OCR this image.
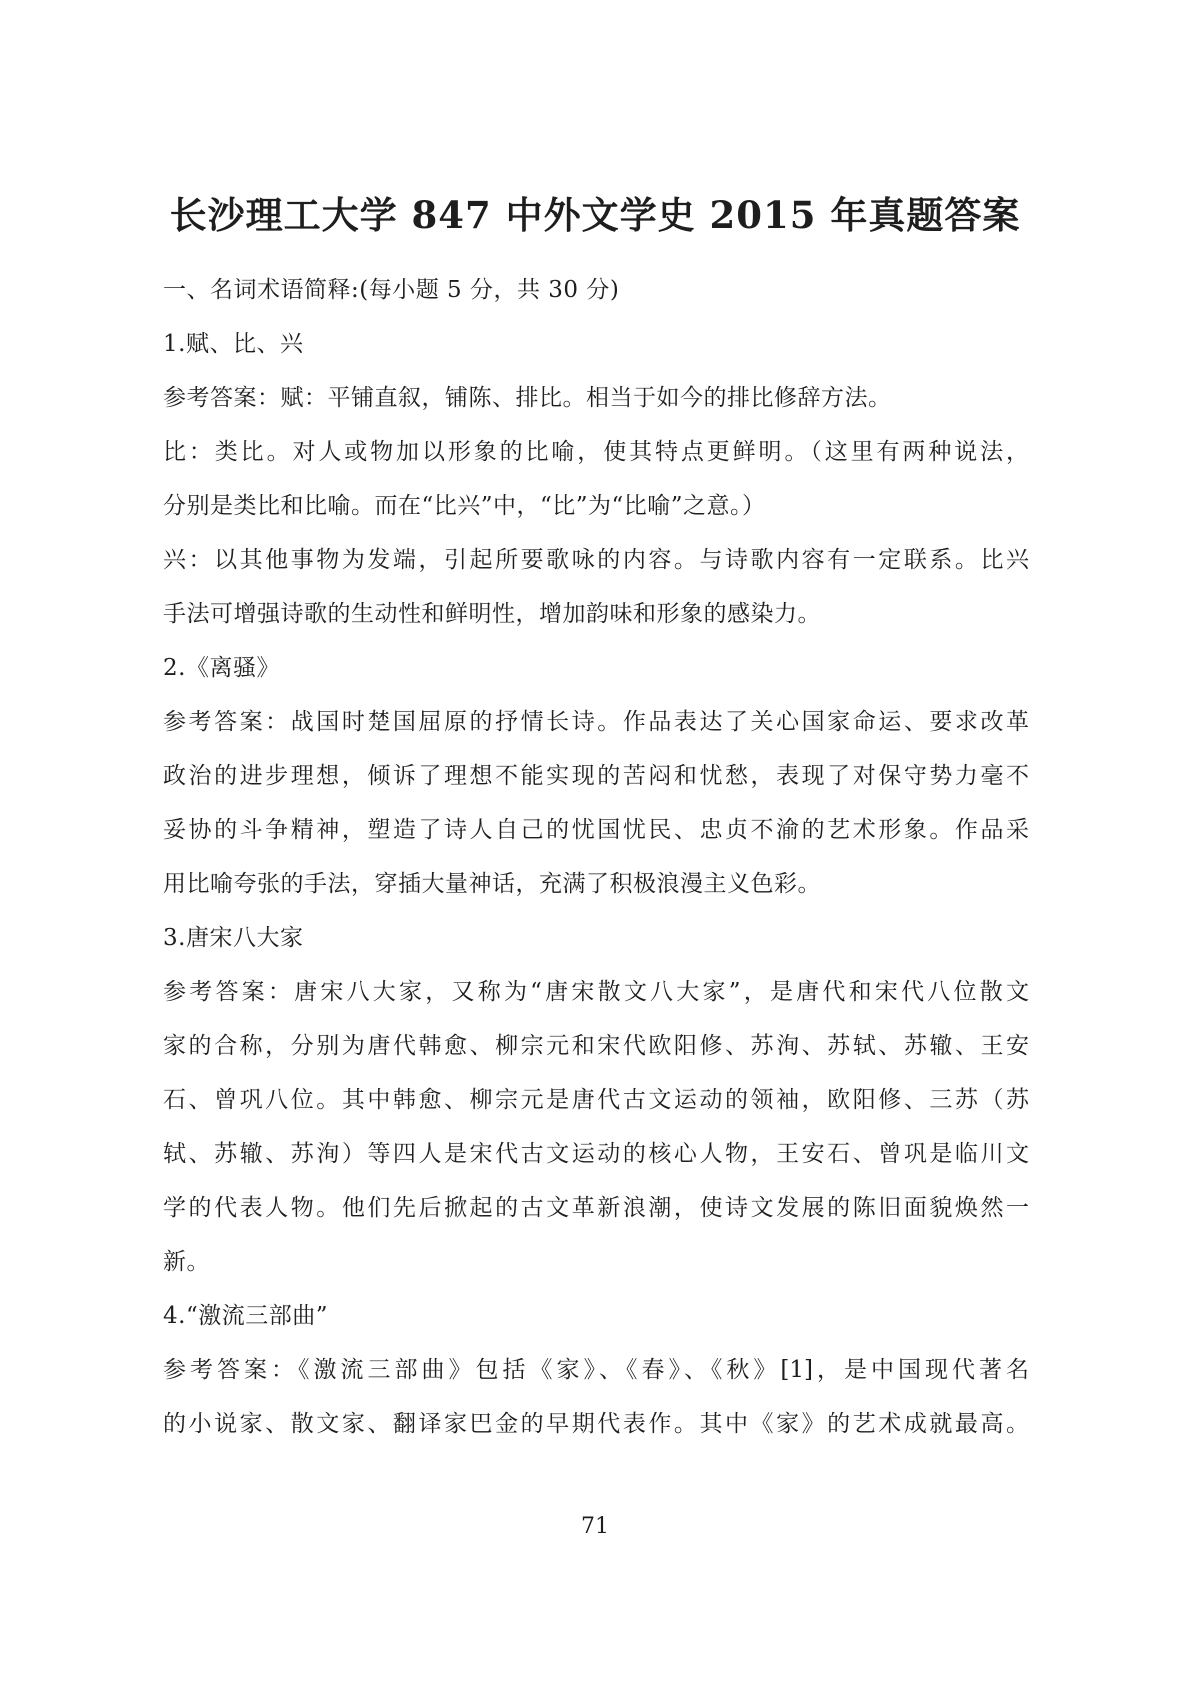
长沙理工大学 847 中外文学史 2015 年真题答案
一、名词术语简释:(每小题 5 分，共 30 分)
1.赋、比、兴
参考答案：赋：平铺直叙，铺陈、排比。相当于如今的排比修辞方法。
比：类比。对人或物加以形象的比喻，使其特点更鲜明。（这里有两种说法，
分别是类比和比喻。而在“比兴”中，“比”为“比喻”之意。）
兴：以其他事物为发端，引起所要歌咏的内容。与诗歌内容有一定联系。比兴
手法可增强诗歌的生动性和鲜明性，增加韵味和形象的感染力。
2.《离骚》
参考答案：战国时楚国屈原的抒情长诗。作品表达了关心国家命运、要求改革
政治的进步理想，倾诉了理想不能实现的苦闷和忧愁，表现了对保守势力毫不
妥协的斗争精神，塑造了诗人自己的忧国忧民、忠贞不渝的艺术形象。作品采
用比喻夸张的手法，穿插大量神话，充满了积极浪漫主义色彩。
3.唐宋八大家
参考答案：唐宋八大家，又称为“唐宋散文八大家”，是唐代和宋代八位散文
家的合称，分别为唐代韩愈、柳宗元和宋代欧阳修、苏洵、苏轼、苏辙、王安
石、曾巩八位。其中韩愈、柳宗元是唐代古文运动的领袖，欧阳修、三苏（苏
轼、苏辙、苏洵）等四人是宋代古文运动的核心人物，王安石、曾巩是临川文
学的代表人物。他们先后掀起的古文革新浪潮，使诗文发展的陈旧面貌焕然一
新。
4.“激流三部曲”
参考答案：《激流三部曲》包括《家》、《春》、《秋》[1]，是中国现代著名
的小说家、散文家、翻译家巴金的早期代表作。其中《家》的艺术成就最高。
71
